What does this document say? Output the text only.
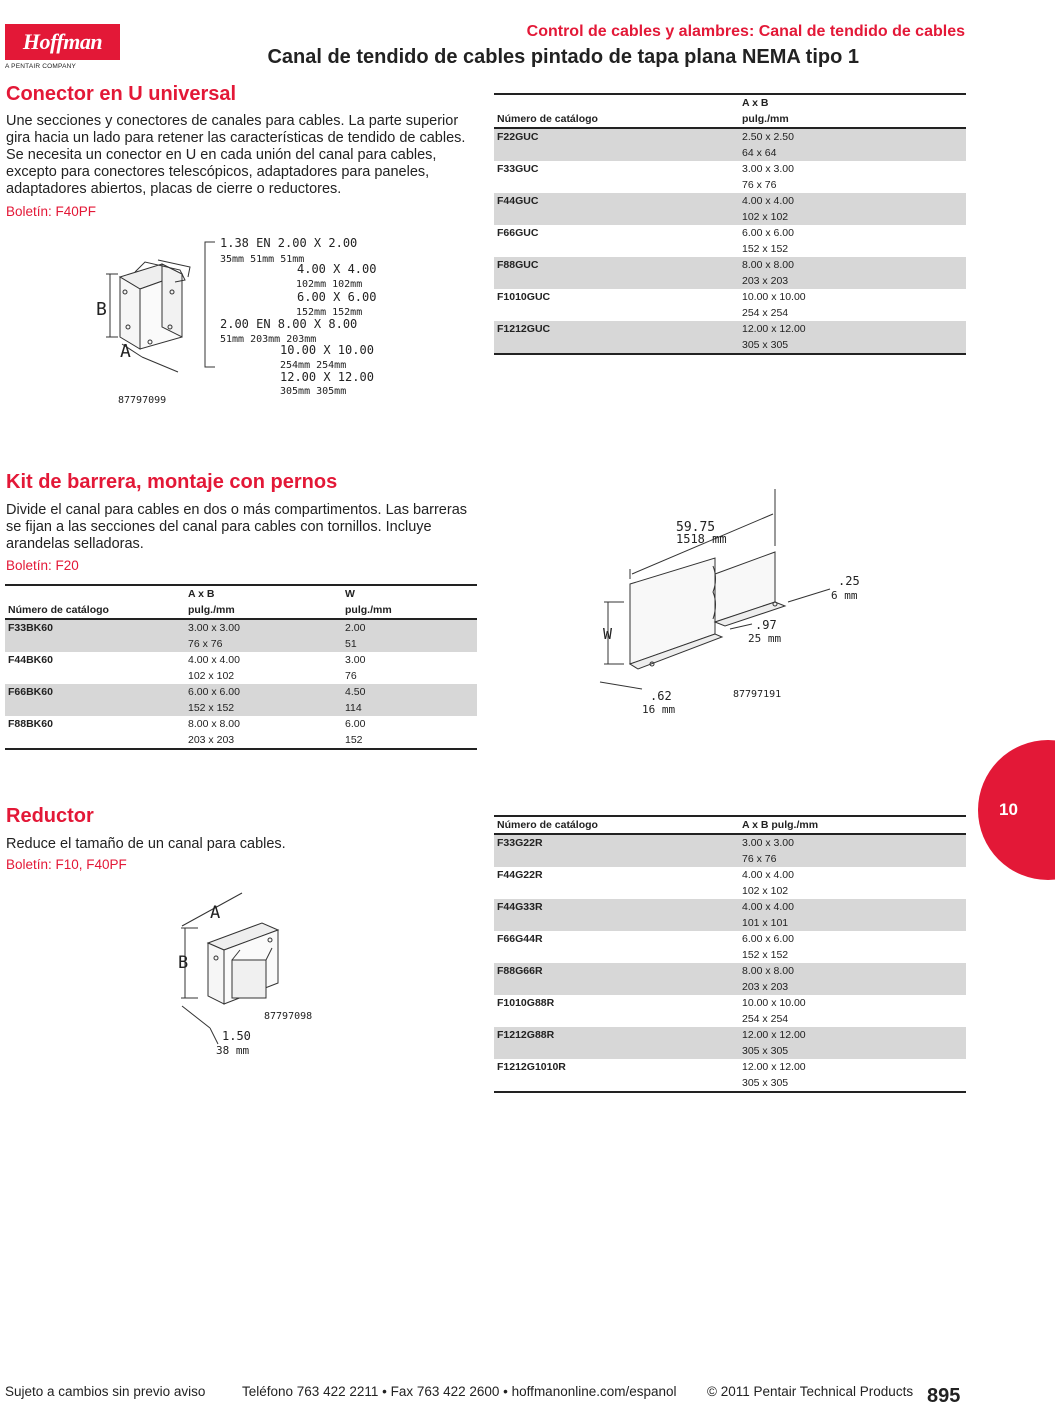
Hoffman
A PENTAIR COMPANY
Control de cables y alambres: Canal de tendido de cables
Canal de tendido de cables pintado de tapa plana NEMA tipo 1
Conector en U universal
Une secciones y conectores de canales para cables. La parte superior gira hacia un lado para retener las características de tendido de cables. Se necesita un conector en U en cada unión del canal para cables, excepto para conectores telescópicos, adaptadores para paneles, adaptadores abiertos, placas de cierre o reductores.
Boletín: F40PF
B
A
1.38 EN 2.00 X 2.00
35mm 51mm 51mm
4.00 X 4.00
102mm 102mm
6.00 X 6.00
152mm 152mm
2.00 EN 8.00 X 8.00
51mm 203mm 203mm
10.00 X 10.00
254mm 254mm
12.00 X 12.00
305mm 305mm
87797099
	A x B
Número de catálogo	pulg./mm
F22GUC	2.50 x 2.50
	64 x 64
F33GUC	3.00 x 3.00
	76 x 76
F44GUC	4.00 x 4.00
	102 x 102
F66GUC	6.00 x 6.00
	152 x 152
F88GUC	8.00 x 8.00
	203 x 203
F1010GUC	10.00 x 10.00
	254 x 254
F1212GUC	12.00 x 12.00
	305 x 305
Kit de barrera, montaje con pernos
Divide el canal para cables en dos o más compartimentos. Las barreras se fijan a las secciones del canal para cables con tornillos. Incluye arandelas selladoras.
Boletín: F20
	A x B	W
Número de catálogo	pulg./mm	pulg./mm
F33BK60	3.00 x 3.00	2.00
	76 x 76	51
F44BK60	4.00 x 4.00	3.00
	102 x 102	76
F66BK60	6.00 x 6.00	4.50
	152 x 152	114
F88BK60	8.00 x 8.00	6.00
	203 x 203	152
59.75
1518 mm
.25
6 mm
.97
25 mm
W
.62
16 mm
87797191
Reductor
Reduce el tamaño de un canal para cables.
Boletín: F10, F40PF
A
B
87797098
1.50
38 mm
Número de catálogo	A x B pulg./mm
F33G22R	3.00 x 3.00
	76 x 76
F44G22R	4.00 x 4.00
	102 x 102
F44G33R	4.00 x 4.00
	101 x 101
F66G44R	6.00 x 6.00
	152 x 152
F88G66R	8.00 x 8.00
	203 x 203
F1010G88R	10.00 x 10.00
	254 x 254
F1212G88R	12.00 x 12.00
	305 x 305
F1212G1010R	12.00 x 12.00
	305 x 305
10
Sujeto a cambios sin previo aviso	Teléfono 763 422 2211 • Fax 763 422 2600 • hoffmanonline.com/espanol © 2011 Pentair Technical Products 895
